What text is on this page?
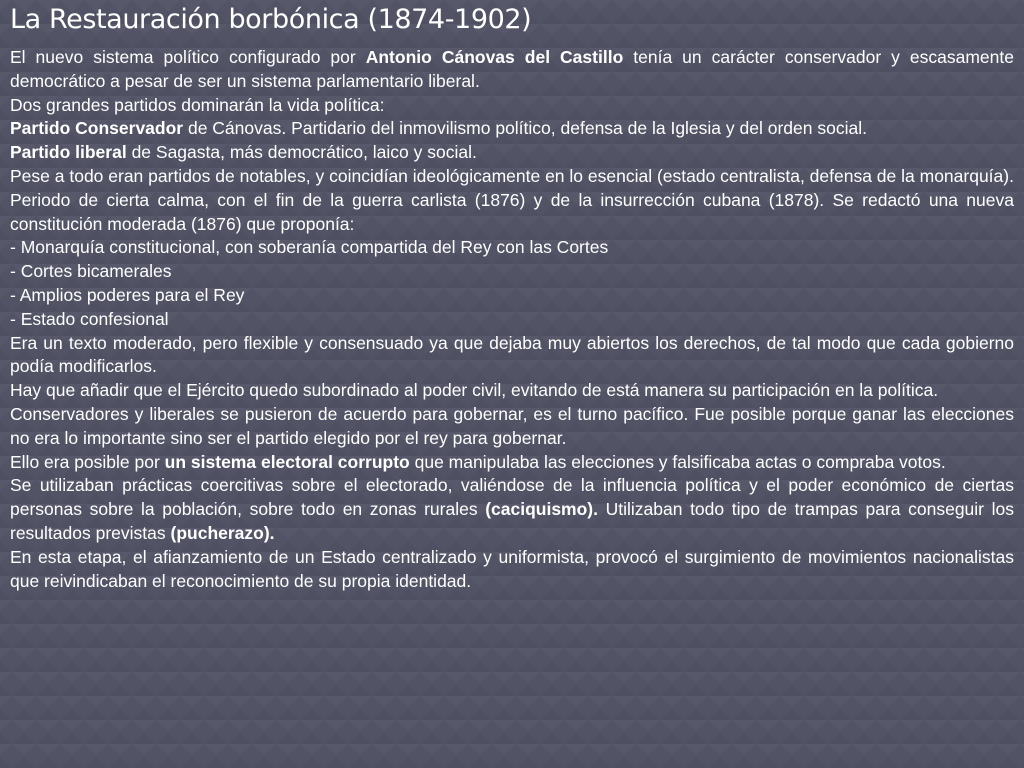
La Restauración borbónica (1874-1902)

El nuevo sistema político configurado por Antonio Cánovas del Castillo tenía un carácter conservador y escasamente democrático a pesar de ser un sistema parlamentario liberal.

Dos grandes partidos dominarán la vida política:

Partido Conservador de Cánovas. Partidario del inmovilismo político, defensa de la Iglesia y del orden social.

Partido liberal de Sagasta, más democrático, laico y social.

Pese a todo eran partidos de notables, y coincidían ideológicamente en lo esencial (estado centralista, defensa de la monarquía).

Periodo de cierta calma, con el fin de la guerra carlista (1876) y de la insurrección cubana (1878). Se redactó una nueva constitución moderada (1876) que proponía:

- Monarquía constitucional, con soberanía compartida del Rey con las Cortes

- Cortes bicamerales

- Amplios poderes para el Rey

- Estado confesional

Era un texto moderado, pero flexible y consensuado ya que dejaba muy abiertos los derechos, de tal modo que cada gobierno podía modificarlos.

Hay que añadir que el Ejército quedo subordinado al poder civil, evitando de está manera su participación en la política.

Conservadores y liberales se pusieron de acuerdo para gobernar, es el turno pacífico. Fue posible porque ganar las elecciones no era lo importante sino ser el partido elegido por el rey para gobernar.

Ello era posible por un sistema electoral corrupto que manipulaba las elecciones y falsificaba actas o compraba votos.

Se utilizaban prácticas coercitivas sobre el electorado, valiéndose de la influencia política y el poder económico de ciertas personas sobre la población, sobre todo en zonas rurales (caciquismo). Utilizaban todo tipo de trampas para conseguir los resultados previstas (pucherazo).

En esta etapa, el afianzamiento de un Estado centralizado y uniformista, provocó el surgimiento de movimientos nacionalistas que reivindicaban el reconocimiento de su propia identidad.
